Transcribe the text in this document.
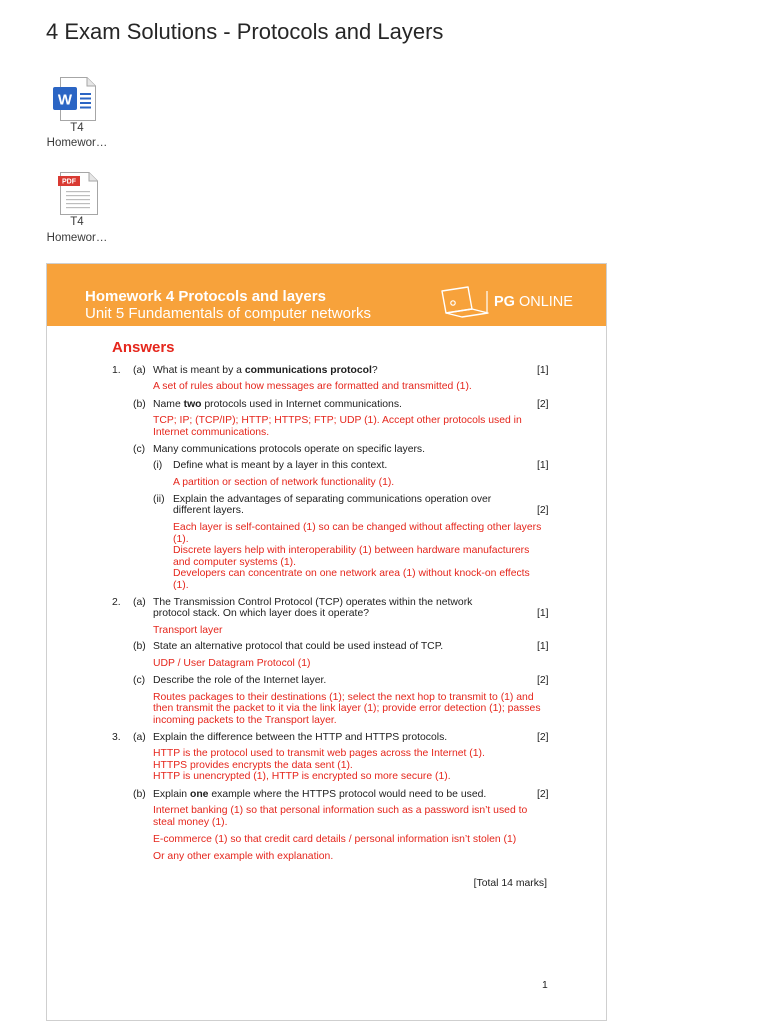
4 Exam Solutions - Protocols and Layers
W
T4
Homewor…
PDF
T4
Homewor…
Homework 4 Protocols and layers
Unit 5 Fundamentals of computer networks
PG ONLINE
Answers
1. (a) What is meant by a communications protocol?	[1]
A set of rules about how messages are formatted and transmitted (1).
(b) Name two protocols used in Internet communications.	[2]
TCP; IP; (TCP/IP); HTTP; HTTPS; FTP; UDP (1). Accept other protocols used in
Internet communications.
(c) Many communications protocols operate on specific layers.
(i) Define what is meant by a layer in this context.	[1]
A partition or section of network functionality (1).
(ii) Explain the advantages of separating communications operation over
different layers.	[2]
Each layer is self-contained (1) so can be changed without affecting other layers
(1).
Discrete layers help with interoperability (1) between hardware manufacturers
and computer systems (1).
Developers can concentrate on one network area (1) without knock-on effects
(1).
2. (a) The Transmission Control Protocol (TCP) operates within the network
protocol stack. On which layer does it operate?	[1]
Transport layer
(b) State an alternative protocol that could be used instead of TCP.	[1]
UDP / User Datagram Protocol (1)
(c) Describe the role of the Internet layer.	[2]
Routes packages to their destinations (1); select the next hop to transmit to (1) and
then transmit the packet to it via the link layer (1); provide error detection (1); passes
incoming packets to the Transport layer.
3. (a) Explain the difference between the HTTP and HTTPS protocols.	[2]
HTTP is the protocol used to transmit web pages across the Internet (1).
HTTPS provides encrypts the data sent (1).
HTTP is unencrypted (1), HTTP is encrypted so more secure (1).
(b) Explain one example where the HTTPS protocol would need to be used.	[2]
Internet banking (1) so that personal information such as a password isn’t used to
steal money (1).
E-commerce (1) so that credit card details / personal information isn’t stolen (1)
Or any other example with explanation.
[Total 14 marks]
1
